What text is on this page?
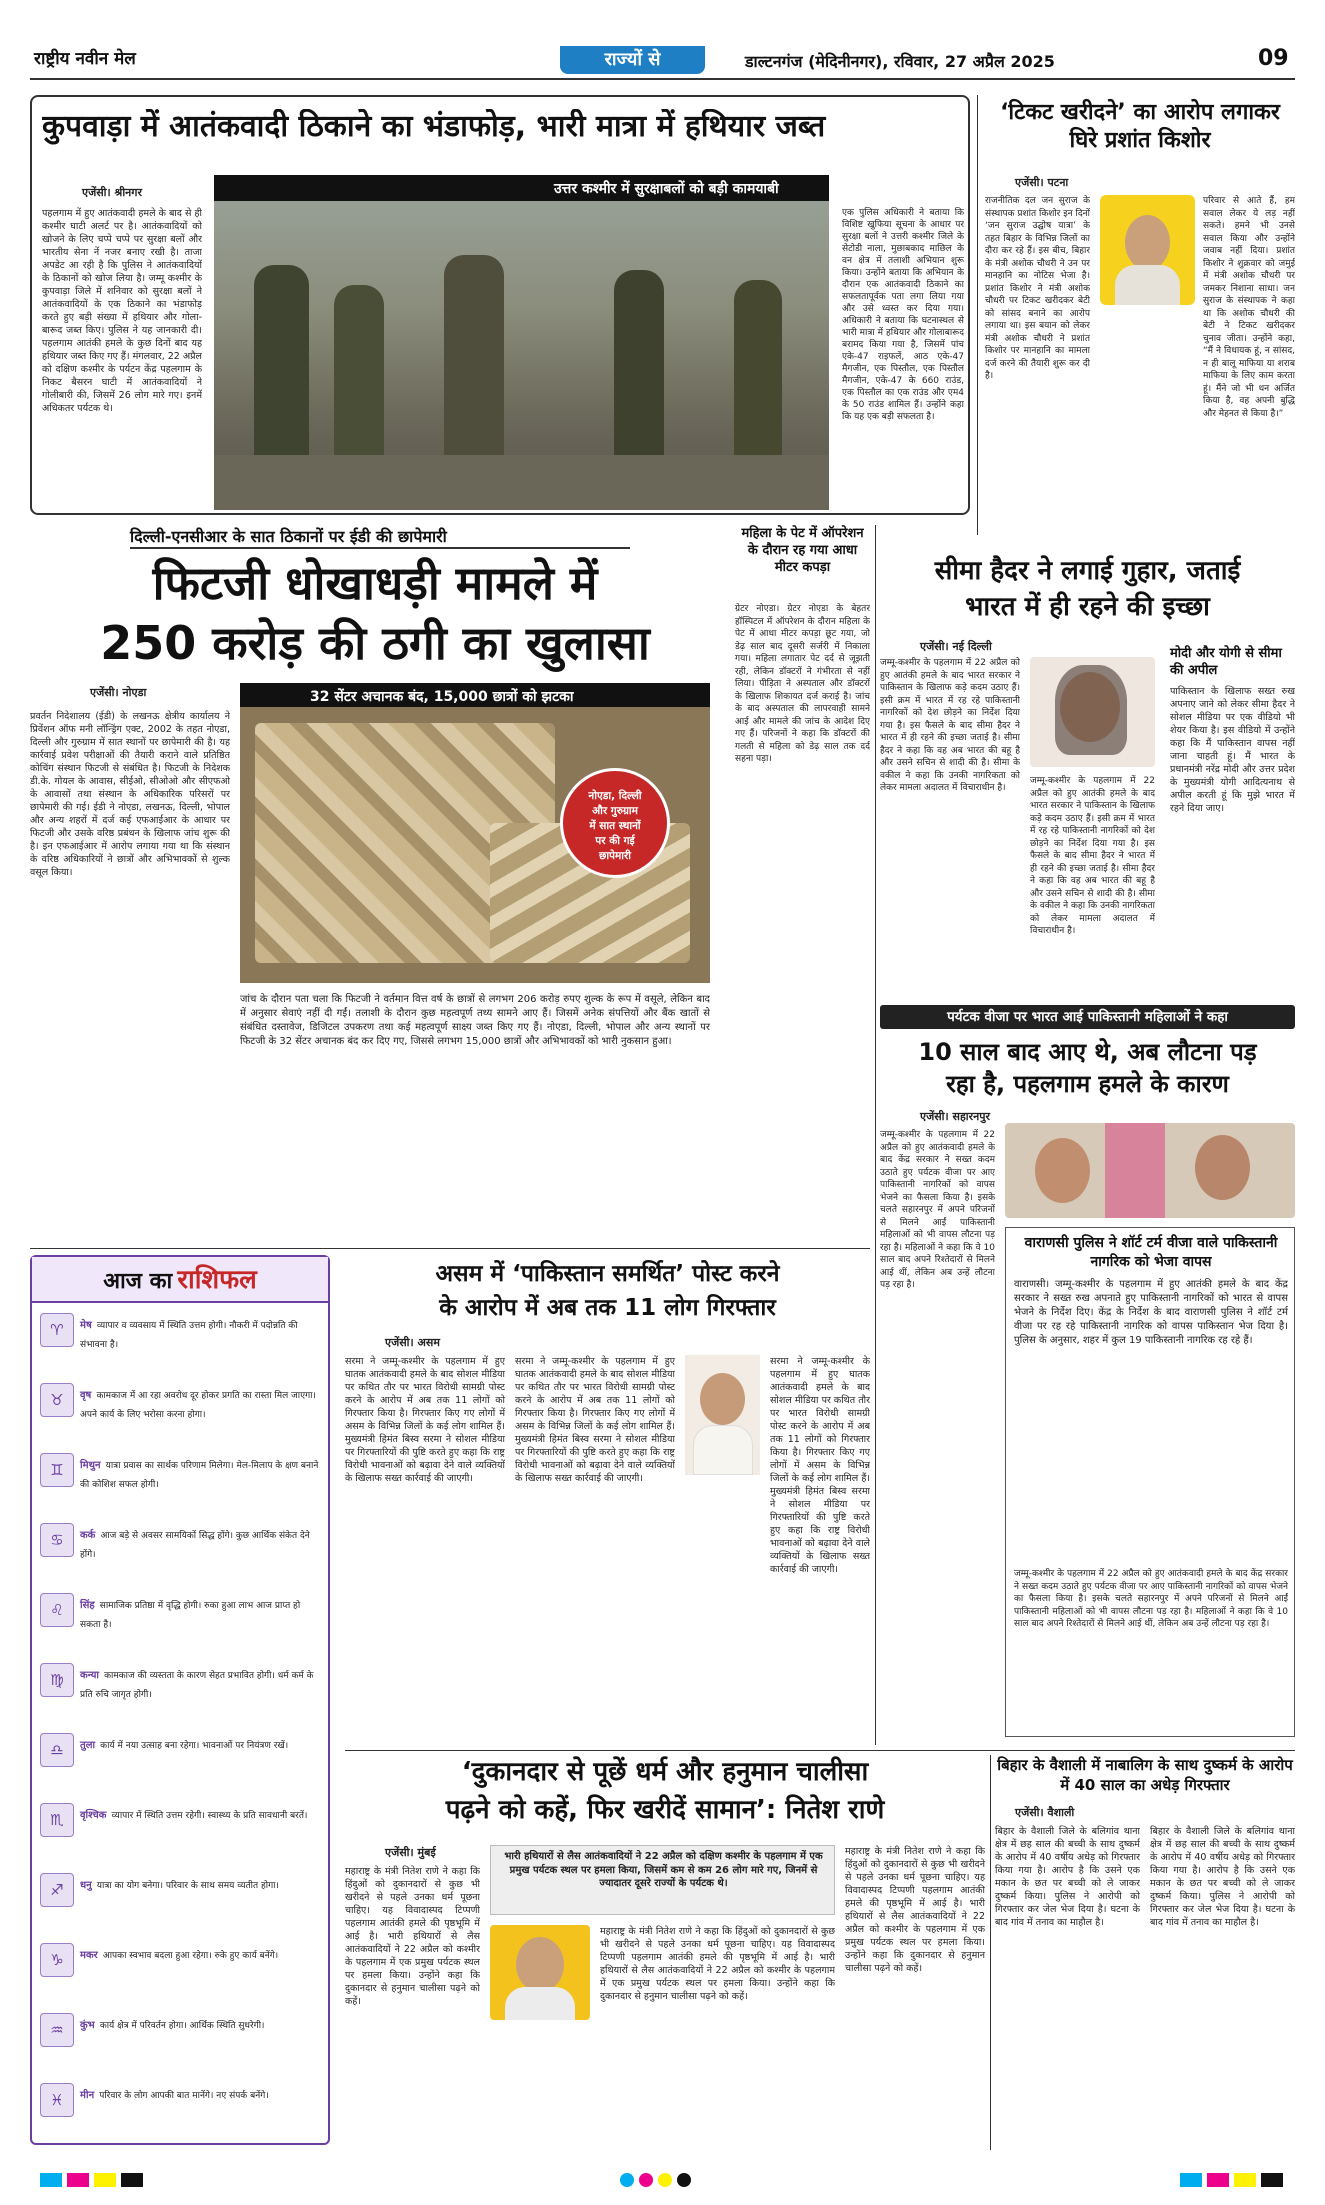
राष्ट्रीय नवीन मेल	राज्यों से	डाल्टनगंज (मेदिनीनगर), रविवार, 27 अप्रैल 2025	09
कुपवाड़ा में आतंकवादी ठिकाने का भंडाफोड़, भारी मात्रा में हथियार जब्त
एजेंसी। श्रीनगर
पहलगाम में हुए आतंकवादी हमले के बाद से ही कश्मीर घाटी अलर्ट पर है। आतंकवादियों को खोजने के लिए चप्पे चप्पे पर सुरक्षा बलों और भारतीय सेना नें नजर बनाए रखी है। ताजा अपडेट आ रही है कि पुलिस ने आतंकवादियों के ठिकानों को खोज लिया है। जम्मू कश्मीर के कुपवाड़ा जिले में शनिवार को सुरक्षा बलों ने आतंकवादियों के एक ठिकाने का भंडाफोड़ करते हुए बड़ी संख्या में हथियार और गोला-बारूद जब्त किए। पुलिस ने यह जानकारी दी। पहलगाम आतंकी हमले के कुछ दिनों बाद यह हथियार जब्त किए गए हैं। मंगलवार, 22 अप्रैल को दक्षिण कश्मीर के पर्यटन केंद्र पहलगाम के निकट बैसरन घाटी में आतंकवादियों ने गोलीबारी की, जिसमें 26 लोग मारे गए। इनमें अधिकतर पर्यटक थे।
उत्तर कश्मीर में सुरक्षाबलों को बड़ी कामयाबी
एक पुलिस अधिकारी ने बताया कि विशिष्ट खुफिया सूचना के आधार पर सुरक्षा बलों ने उत्तरी कश्मीर जिले के सेटोडी नाला, मुछाबकाद माछिल के वन क्षेत्र में तलाशी अभियान शुरू किया। उन्होंने बताया कि अभियान के दौरान एक आतंकवादी ठिकाने का सफलतापूर्वक पता लगा लिया गया और उसे ध्वस्त कर दिया गया। अधिकारी ने बताया कि घटनास्थल से भारी मात्रा में हथियार और गोलाबारूद बरामद किया गया है, जिसमें पांच एके-47 राइफलें, आठ एके-47 मैगजीन, एक पिस्तौल, एक पिस्तौल मैगजीन, एके-47 के 660 राउंड, एक पिस्तौल का एक राउंड और एम4 के 50 राउंड शामिल हैं। उन्होंने कहा कि यह एक बड़ी सफलता है।
‘टिकट खरीदने’ का आरोप लगाकर घिरे प्रशांत किशोर
एजेंसी। पटना
राजनीतिक दल जन सुराज के संस्थापक प्रशांत किशोर इन दिनों ‘जन सुराज उद्घोष यात्रा’ के तहत बिहार के विभिन्न जिलों का दौरा कर रहे हैं। इस बीच, बिहार के मंत्री अशोक चौधरी ने उन पर मानहानि का नोटिस भेजा है। प्रशांत किशोर ने मंत्री अशोक चौधरी पर टिकट खरीदकर बेटी को सांसद बनाने का आरोप लगाया था। इस बयान को लेकर मंत्री अशोक चौधरी ने प्रशांत किशोर पर मानहानि का मामला दर्ज करने की तैयारी शुरू कर दी है।
परिवार से आते हैं, हम सवाल लेकर ये लड़ नहीं सकते। हमने भी उनसे सवाल किया और उन्होंने जवाब नहीं दिया। प्रशांत किशोर ने शुक्रवार को जमुई में मंत्री अशोक चौधरी पर जमकर निशाना साधा। जन सुराज के संस्थापक ने कहा था कि अशोक चौधरी की बेटी ने टिकट खरीदकर चुनाव जीता। उन्होंने कहा, “मैं ने विधायक हूं, न सांसद, न ही बालू माफिया या शराब माफिया के लिए काम करता हूं। मैंने जो भी धन अर्जित किया है, वह अपनी बुद्धि और मेहनत से किया है।”
दिल्ली-एनसीआर के सात ठिकानों पर ईडी की छापेमारी
फिटजी धोखाधड़ी मामले में
250 करोड़ की ठगी का खुलासा
एजेंसी। नोएडा
प्रवर्तन निदेशालय (ईडी) के लखनऊ क्षेत्रीय कार्यालय ने प्रिवेंशन ऑफ मनी लॉन्ड्रिंग एक्ट, 2002 के तहत नोएडा, दिल्ली और गुरुग्राम में सात स्थानों पर छापेमारी की है। यह कार्रवाई प्रवेश परीक्षाओं की तैयारी कराने वाले प्रतिष्ठित कोचिंग संस्थान फिटजी से संबंधित है। फिटजी के निदेशक डी.के. गोयल के आवास, सीईओ, सीओओ और सीएफओ के आवासों तथा संस्थान के अधिकारिक परिसरों पर छापेमारी की गई। ईडी ने नोएडा, लखनऊ, दिल्ली, भोपाल और अन्य शहरों में दर्ज कई एफआईआर के आधार पर फिटजी और उसके वरिष्ठ प्रबंधन के खिलाफ जांच शुरू की है। इन एफआईआर में आरोप लगाया गया था कि संस्थान के वरिष्ठ अधिकारियों ने छात्रों और अभिभावकों से शुल्क वसूल किया।
32 सेंटर अचानक बंद, 15,000 छात्रों को झटका
नोएडा, दिल्ली
और गुरुग्राम
में सात स्थानों
पर की गई
छापेमारी
जांच के दौरान पता चला कि फिटजी ने वर्तमान वित्त वर्ष के छात्रों से लगभग 206 करोड़ रुपए शुल्क के रूप में वसूले, लेकिन बाद में अनुसार सेवाएं नहीं दी गईं। तलाशी के दौरान कुछ महत्वपूर्ण तथ्य सामने आए हैं। जिसमें अनेक संपत्तियों और बैंक खातों से संबंधित दस्तावेज, डिजिटल उपकरण तथा कई महत्वपूर्ण साक्ष्य जब्त किए गए हैं। नोएडा, दिल्ली, भोपाल और अन्य स्थानों पर फिटजी के 32 सेंटर अचानक बंद कर दिए गए, जिससे लगभग 15,000 छात्रों और अभिभावकों को भारी नुकसान हुआ।
महिला के पेट में ऑपरेशन के दौरान रह गया आधा मीटर कपड़ा
ग्रेटर नोएडा। ग्रेटर नोएडा के बेहतर हॉस्पिटल में ऑपरेशन के दौरान महिला के पेट में आधा मीटर कपड़ा छूट गया, जो डेढ़ साल बाद दूसरी सर्जरी में निकाला गया। महिला लगातार पेट दर्द से जूझती रही, लेकिन डॉक्टरों ने गंभीरता से नहीं लिया। पीड़िता ने अस्पताल और डॉक्टरों के खिलाफ शिकायत दर्ज कराई है। जांच के बाद अस्पताल की लापरवाही सामने आई और मामले की जांच के आदेश दिए गए हैं। परिजनों ने कहा कि डॉक्टरों की गलती से महिला को डेढ़ साल तक दर्द सहना पड़ा।
सीमा हैदर ने लगाई गुहार, जताई
भारत में ही रहने की इच्छा
एजेंसी। नई दिल्ली
जम्मू-कश्मीर के पहलगाम में 22 अप्रैल को हुए आतंकी हमले के बाद भारत सरकार ने पाकिस्तान के खिलाफ कड़े कदम उठाए हैं। इसी क्रम में भारत में रह रहे पाकिस्तानी नागरिकों को देश छोड़ने का निर्देश दिया गया है। इस फैसले के बाद सीमा हैदर ने भारत में ही रहने की इच्छा जताई है। सीमा हैदर ने कहा कि वह अब भारत की बहू है और उसने सचिन से शादी की है। सीमा के वकील ने कहा कि उनकी नागरिकता को लेकर मामला अदालत में विचाराधीन है।
जम्मू-कश्मीर के पहलगाम में 22 अप्रैल को हुए आतंकी हमले के बाद भारत सरकार ने पाकिस्तान के खिलाफ कड़े कदम उठाए हैं। इसी क्रम में भारत में रह रहे पाकिस्तानी नागरिकों को देश छोड़ने का निर्देश दिया गया है। इस फैसले के बाद सीमा हैदर ने भारत में ही रहने की इच्छा जताई है। सीमा हैदर ने कहा कि वह अब भारत की बहू है और उसने सचिन से शादी की है। सीमा के वकील ने कहा कि उनकी नागरिकता को लेकर मामला अदालत में विचाराधीन है।
मोदी और योगी से सीमा की अपील
पाकिस्तान के खिलाफ सख्त रुख अपनाए जाने को लेकर सीमा हैदर ने सोशल मीडिया पर एक वीडियो भी शेयर किया है। इस वीडियो में उन्होंने कहा कि मैं पाकिस्तान वापस नहीं जाना चाहती हूं। मैं भारत के प्रधानमंत्री नरेंद्र मोदी और उत्तर प्रदेश के मुख्यमंत्री योगी आदित्यनाथ से अपील करती हूं कि मुझे भारत में रहने दिया जाए।
पर्यटक वीजा पर भारत आई पाकिस्तानी महिलाओं ने कहा
10 साल बाद आए थे, अब लौटना पड़
रहा है, पहलगाम हमले के कारण
एजेंसी। सहारनपुर
जम्मू-कश्मीर के पहलगाम में 22 अप्रैल को हुए आतंकवादी हमले के बाद केंद्र सरकार ने सख्त कदम उठाते हुए पर्यटक वीजा पर आए पाकिस्तानी नागरिकों को वापस भेजने का फैसला किया है। इसके चलते सहारनपुर में अपने परिजनों से मिलने आईं पाकिस्तानी महिलाओं को भी वापस लौटना पड़ रहा है। महिलाओं ने कहा कि वे 10 साल बाद अपने रिश्तेदारों से मिलने आई थीं, लेकिन अब उन्हें लौटना पड़ रहा है।
वाराणसी पुलिस ने शॉर्ट टर्म वीजा वाले पाकिस्तानी नागरिक को भेजा वापस
वाराणसी। जम्मू-कश्मीर के पहलगाम में हुए आतंकी हमले के बाद केंद्र सरकार ने सख्त रुख अपनाते हुए पाकिस्तानी नागरिकों को भारत से वापस भेजने के निर्देश दिए। केंद्र के निर्देश के बाद वाराणसी पुलिस ने शॉर्ट टर्म वीजा पर रह रहे पाकिस्तानी नागरिक को वापस पाकिस्तान भेज दिया है। पुलिस के अनुसार, शहर में कुल 19 पाकिस्तानी नागरिक रह रहे हैं।
जम्मू-कश्मीर के पहलगाम में 22 अप्रैल को हुए आतंकवादी हमले के बाद केंद्र सरकार ने सख्त कदम उठाते हुए पर्यटक वीजा पर आए पाकिस्तानी नागरिकों को वापस भेजने का फैसला किया है। इसके चलते सहारनपुर में अपने परिजनों से मिलने आईं पाकिस्तानी महिलाओं को भी वापस लौटना पड़ रहा है। महिलाओं ने कहा कि वे 10 साल बाद अपने रिश्तेदारों से मिलने आई थीं, लेकिन अब उन्हें लौटना पड़ रहा है।
आज का राशिफल
♈	मेष व्यापार व व्यवसाय में स्थिति उत्तम होगी। नौकरी में पदोन्नति की संभावना है।
♉	वृष कामकाज में आ रहा अवरोध दूर होकर प्रगति का रास्ता मिल जाएगा। अपने कार्य के लिए भरोसा करना होगा।
♊	मिथुन यात्रा प्रवास का सार्थक परिणाम मिलेगा। मेल-मिलाप के क्षण बनाने की कोशिश सफल होगी।
♋	कर्क आज बड़े से अवसर सामयिकों सिद्ध होंगे। कुछ आर्थिक संकेत देने होंगे।
♌	सिंह सामाजिक प्रतिष्ठा में वृद्धि होगी। रुका हुआ लाभ आज प्राप्त हो सकता है।
♍	कन्या कामकाज की व्यस्तता के कारण सेहत प्रभावित होगी। धर्म कर्म के प्रति रुचि जागृत होगी।
♎	तुला कार्य में नया उत्साह बना रहेगा। भावनाओं पर नियंत्रण रखें।
♏	वृश्चिक व्यापार में स्थिति उत्तम रहेगी। स्वास्थ्य के प्रति सावधानी बरतें।
♐	धनु यात्रा का योग बनेगा। परिवार के साथ समय व्यतीत होगा।
♑	मकर आपका स्वभाव बदला हुआ रहेगा। रुके हुए कार्य बनेंगे।
♒	कुंभ कार्य क्षेत्र में परिवर्तन होगा। आर्थिक स्थिति सुधरेगी।
♓	मीन परिवार के लोग आपकी बात मानेंगे। नए संपर्क बनेंगे।
असम में ‘पाकिस्तान समर्थित’ पोस्ट करने
के आरोप में अब तक 11 लोग गिरफ्तार
एजेंसी। असम
सरमा ने जम्मू-कश्मीर के पहलगाम में हुए घातक आतंकवादी हमले के बाद सोशल मीडिया पर कथित तौर पर भारत विरोधी सामग्री पोस्ट करने के आरोप में अब तक 11 लोगों को गिरफ्तार किया है। गिरफ्तार किए गए लोगों में असम के विभिन्न जिलों के कई लोग शामिल हैं। मुख्यमंत्री हिमंत बिस्व सरमा ने सोशल मीडिया पर गिरफ्तारियों की पुष्टि करते हुए कहा कि राष्ट्र विरोधी भावनाओं को बढ़ावा देने वाले व्यक्तियों के खिलाफ सख्त कार्रवाई की जाएगी।
सरमा ने जम्मू-कश्मीर के पहलगाम में हुए घातक आतंकवादी हमले के बाद सोशल मीडिया पर कथित तौर पर भारत विरोधी सामग्री पोस्ट करने के आरोप में अब तक 11 लोगों को गिरफ्तार किया है। गिरफ्तार किए गए लोगों में असम के विभिन्न जिलों के कई लोग शामिल हैं। मुख्यमंत्री हिमंत बिस्व सरमा ने सोशल मीडिया पर गिरफ्तारियों की पुष्टि करते हुए कहा कि राष्ट्र विरोधी भावनाओं को बढ़ावा देने वाले व्यक्तियों के खिलाफ सख्त कार्रवाई की जाएगी।
सरमा ने जम्मू-कश्मीर के पहलगाम में हुए घातक आतंकवादी हमले के बाद सोशल मीडिया पर कथित तौर पर भारत विरोधी सामग्री पोस्ट करने के आरोप में अब तक 11 लोगों को गिरफ्तार किया है। गिरफ्तार किए गए लोगों में असम के विभिन्न जिलों के कई लोग शामिल हैं। मुख्यमंत्री हिमंत बिस्व सरमा ने सोशल मीडिया पर गिरफ्तारियों की पुष्टि करते हुए कहा कि राष्ट्र विरोधी भावनाओं को बढ़ावा देने वाले व्यक्तियों के खिलाफ सख्त कार्रवाई की जाएगी।
‘दुकानदार से पूछें धर्म और हनुमान चालीसा
पढ़ने को कहें, फिर खरीदें सामान’: नितेश राणे
एजेंसी। मुंबई
महाराष्ट्र के मंत्री नितेश राणे ने कहा कि हिंदुओं को दुकानदारों से कुछ भी खरीदने से पहले उनका धर्म पूछना चाहिए। यह विवादास्पद टिप्पणी पहलगाम आतंकी हमले की पृष्ठभूमि में आई है। भारी हथियारों से लैस आतंकवादियों ने 22 अप्रैल को कश्मीर के पहलगाम में एक प्रमुख पर्यटक स्थल पर हमला किया। उन्होंने कहा कि दुकानदार से हनुमान चालीसा पढ़ने को कहें।
भारी हथियारों से लैस आतंकवादियों ने 22 अप्रैल को दक्षिण कश्मीर के पहलगाम में एक प्रमुख पर्यटक स्थल पर हमला किया, जिसमें कम से कम 26 लोग मारे गए, जिनमें से ज्यादातर दूसरे राज्यों के पर्यटक थे।
महाराष्ट्र के मंत्री नितेश राणे ने कहा कि हिंदुओं को दुकानदारों से कुछ भी खरीदने से पहले उनका धर्म पूछना चाहिए। यह विवादास्पद टिप्पणी पहलगाम आतंकी हमले की पृष्ठभूमि में आई है। भारी हथियारों से लैस आतंकवादियों ने 22 अप्रैल को कश्मीर के पहलगाम में एक प्रमुख पर्यटक स्थल पर हमला किया। उन्होंने कहा कि दुकानदार से हनुमान चालीसा पढ़ने को कहें।
महाराष्ट्र के मंत्री नितेश राणे ने कहा कि हिंदुओं को दुकानदारों से कुछ भी खरीदने से पहले उनका धर्म पूछना चाहिए। यह विवादास्पद टिप्पणी पहलगाम आतंकी हमले की पृष्ठभूमि में आई है। भारी हथियारों से लैस आतंकवादियों ने 22 अप्रैल को कश्मीर के पहलगाम में एक प्रमुख पर्यटक स्थल पर हमला किया। उन्होंने कहा कि दुकानदार से हनुमान चालीसा पढ़ने को कहें।
बिहार के वैशाली में नाबालिग के साथ दुष्कर्म के आरोप में 40 साल का अधेड़ गिरफ्तार
एजेंसी। वैशाली
बिहार के वैशाली जिले के बलिगांव थाना क्षेत्र में छह साल की बच्ची के साथ दुष्कर्म के आरोप में 40 वर्षीय अधेड़ को गिरफ्तार किया गया है। आरोप है कि उसने एक मकान के छत पर बच्ची को ले जाकर दुष्कर्म किया। पुलिस ने आरोपी को गिरफ्तार कर जेल भेज दिया है। घटना के बाद गांव में तनाव का माहौल है।
बिहार के वैशाली जिले के बलिगांव थाना क्षेत्र में छह साल की बच्ची के साथ दुष्कर्म के आरोप में 40 वर्षीय अधेड़ को गिरफ्तार किया गया है। आरोप है कि उसने एक मकान के छत पर बच्ची को ले जाकर दुष्कर्म किया। पुलिस ने आरोपी को गिरफ्तार कर जेल भेज दिया है। घटना के बाद गांव में तनाव का माहौल है।
